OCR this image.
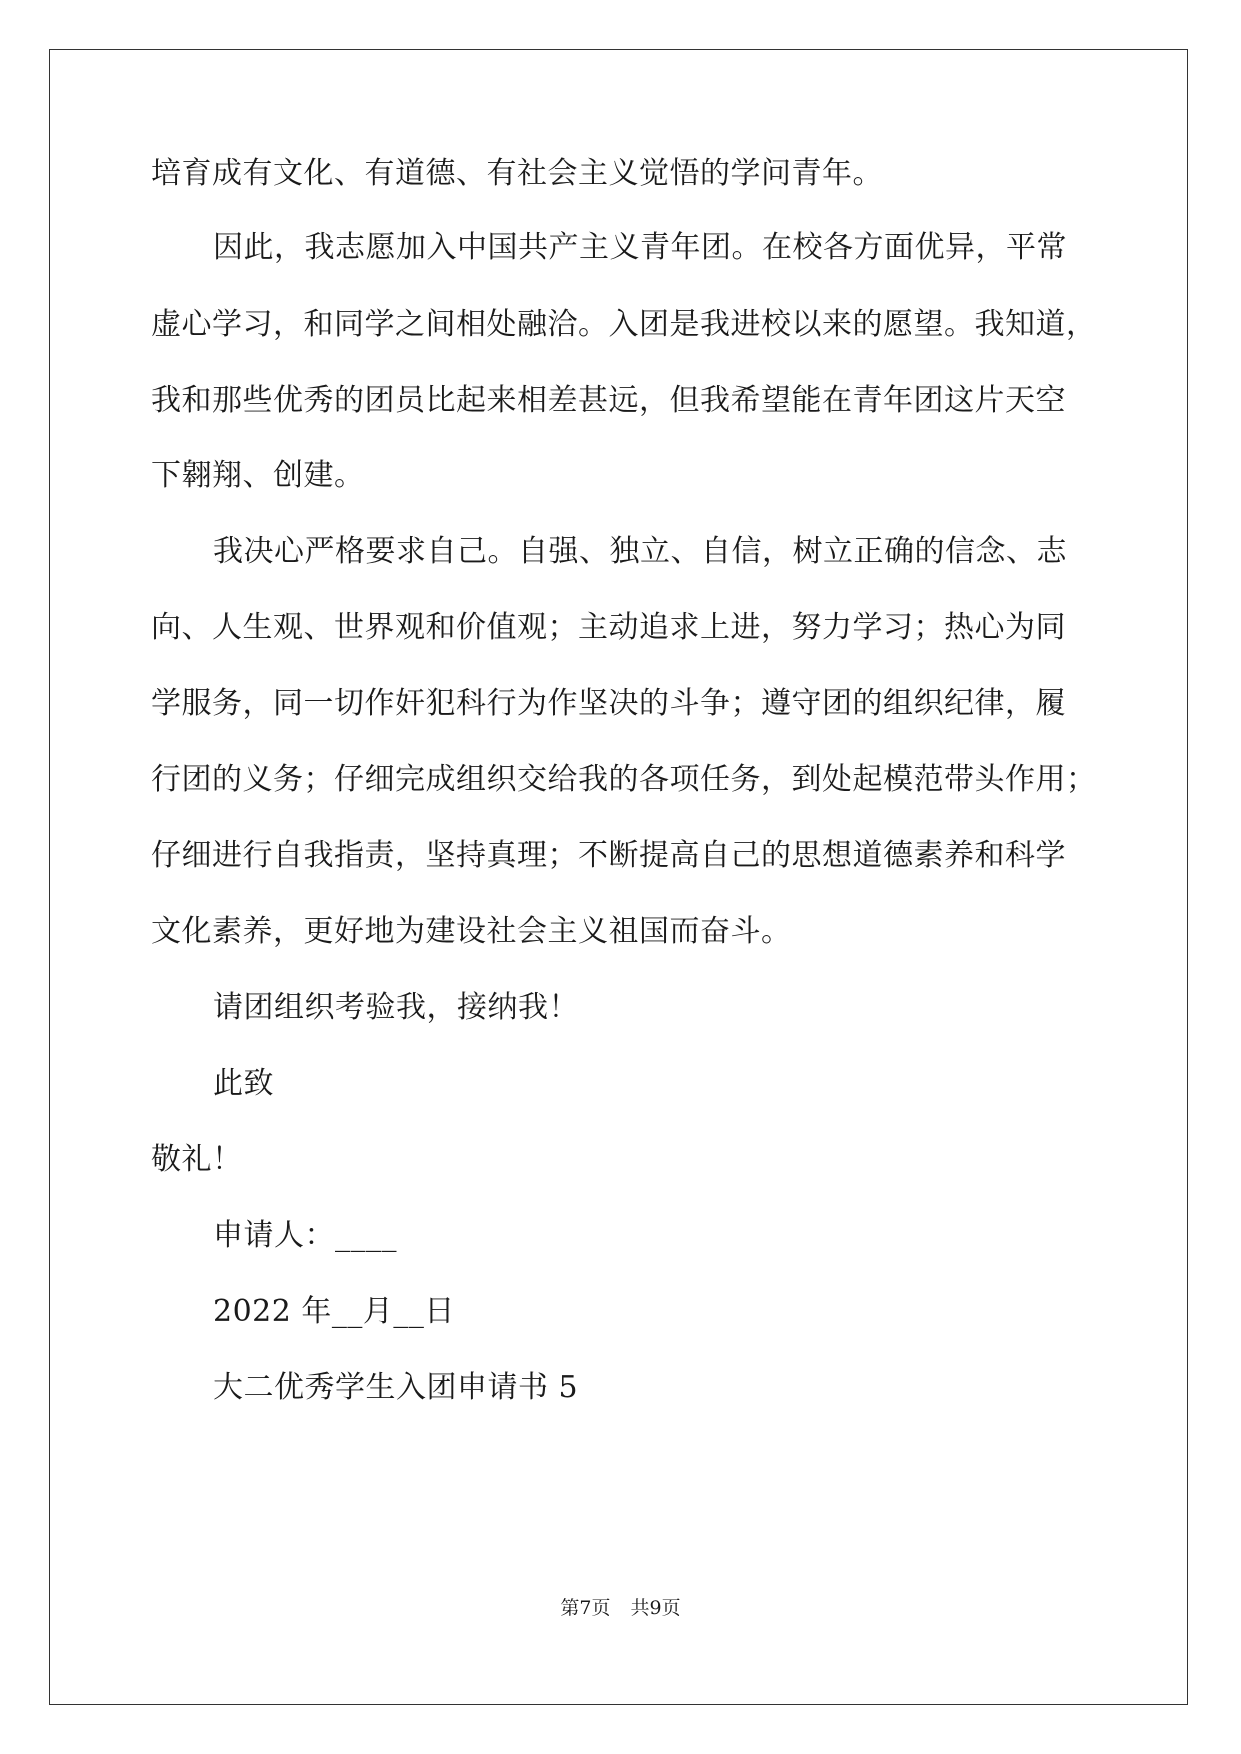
培育成有文化、有道德、有社会主义觉悟的学问青年。
因此，我志愿加入中国共产主义青年团。在校各方面优异，平常
虚心学习，和同学之间相处融洽。入团是我进校以来的愿望。我知道，
我和那些优秀的团员比起来相差甚远，但我希望能在青年团这片天空
下翱翔、创建。
我决心严格要求自己。自强、独立、自信，树立正确的信念、志
向、人生观、世界观和价值观；主动追求上进，努力学习；热心为同
学服务，同一切作奸犯科行为作坚决的斗争；遵守团的组织纪律，履
行团的义务；仔细完成组织交给我的各项任务，到处起模范带头作用；
仔细进行自我指责，坚持真理；不断提高自己的思想道德素养和科学
文化素养，更好地为建设社会主义祖国而奋斗。
请团组织考验我，接纳我！
此致
敬礼！
申请人：____
2022 年__月__日
大二优秀学生入团申请书 5
第7页 共9页
